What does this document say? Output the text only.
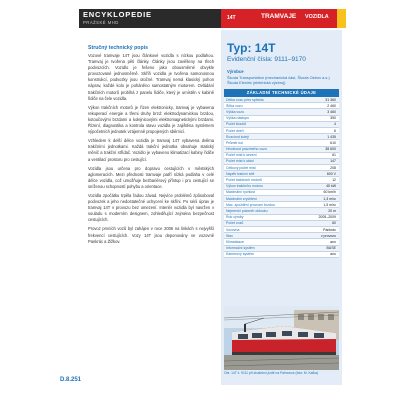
ENCYKLOPEDIE
PRAŽSKÉ MHD
14T	TRAMVAJE VOZIDLA
Stručný technický popis

Vozové tramvaje 14T jsou článkové vozidla s nízkou podlahou. Tramvaj je tvořena pěti články. Články jsou zavěšeny na třech podvozcích. Vozidlo je řešeno jako obousměrné obvykle provozované jednosměrně. Skříň vozidla je tvořena samonosnou konstrukcí, podvozky jsou otočné. Tramvaj nemá klasický pohon náprav, každé kolo je poháněno samostatným motorem. Ovládání trakčních motorů probíhá z panelu řidiče, který je umístěn v kabině řidiče na čele vozidla.

Výkon trakčních motorů je řízen elektronicky, tramvaj je vybavena rekuperací energie a třemi druhy brzd: elektrodynamickou brzdou, kotoučovými brzdami a kolejnicovými elektromagnetickými brzdami. Řízení, diagnostika a kontrola stavu vozidla je zajištěna systémem výpočetních jednotek vzájemně propojených sběrnicí.

Vzhledem k delší délce vozidla je tramvaj 14T vybavena dvěma trakčními jednotkami. Každá trakční jednotka obsahuje statický měnič a trakční střídač. Vozidlo je vybaveno klimatizací kabiny řidiče a ventilací prostoru pro cestující.

Vozidla jsou určena pro dopravu cestujících v městských aglomeracích. Mezi přednosti tramvaje patří nízká podlaha v celé délce vozidla, což umožňuje bezbariérový přístup i pro cestující se sníženou schopností pohybu a orientace.

Vozidla zpočátku trpěla řadou závad. Nejvíce problémů způsoboval podvozek a jeho nedostatečné uchycení ke skříni. Po sérii úprav je tramvaj 14T v provozu bez omezení. Interiér vozidla byl navržen v souladu s moderním designem, zohledňující zejména bezpečnost cestujících.

Provoz prvních vozů byl zahájen v roce 2006 na linkách s nejvyšší frekvencí cestujících. Vozy 14T jsou deponovány ve vozovně Pankrác a Žižkov.

D.8.251
Typ: 14T
Evidenční čísla: 9111–9170
Výrobce
Škoda Transportation (mechanická část, Škoda Ostrov a.s.)
Škoda Electric (elektrická výzbroj)
ZÁKLADNÍ TECHNICKÉ ÚDAJE
Délka vozu přes spřáhla	31 360
Šířka vozu	2 460
Výška vozu	3 460
Výška nástupu	350
Počet kloubů	4
Počet dveří	6
Rozchod kolejí	1 435
Průměr kol	610
Hmotnost prázdného vozu	38 600
Počet míst k sezení	61
Počet míst k stání	147
Celkový počet míst	208
Napětí trakční sítě	600 V
Počet trakčních motorů	12
Výkon trakčního motoru	45 kW
Maximální rychlost	60 km/h
Maximální zrychlení	1,3 m/s²
Max. zpoždění provozní brzdou	1,5 m/s²
Nejmenší poloměr oblouku	20 m
Rok výroby	2005–2009
Počet vozů	60
Vozovna	Pankrác
Stav	v provozu
Klimatizace	ano
Informační systém	BUSE
Kamerový systém	ano
Obr. 14T č. 9111 při zkušební jízdě na Palmovce (foto: M. Kafka)
